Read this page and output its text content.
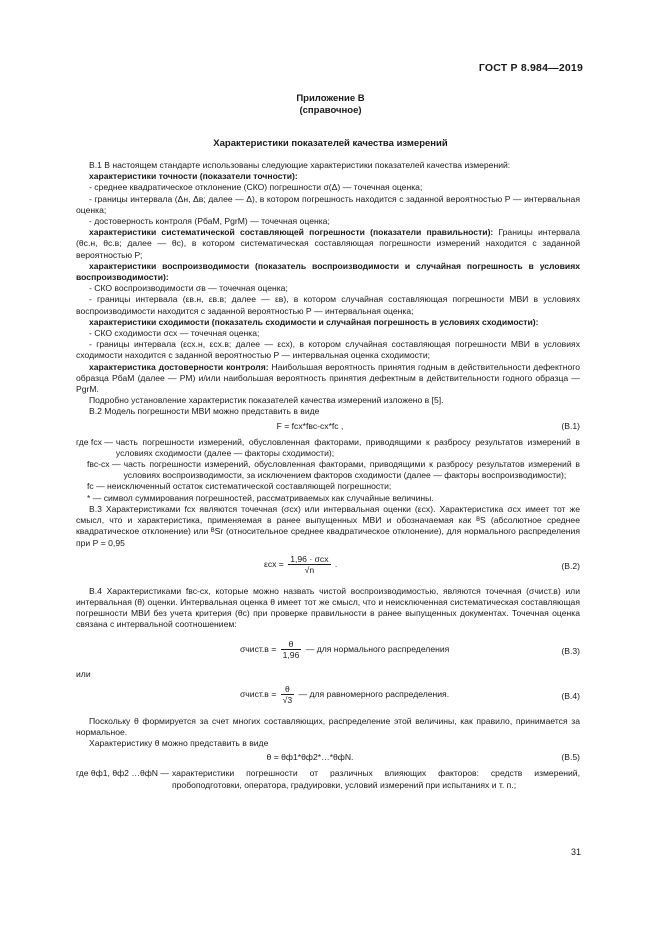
ГОСТ Р 8.984—2019
Приложение В
(справочное)
Характеристики показателей качества измерений

В.1 В настоящем стандарте использованы следующие характеристики показателей качества измерений:

характеристики точности (показатели точности):

- среднее квадратическое отклонение (СКО) погрешности σ(Δ) — точечная оценка;

- границы интервала (Δн, Δв; далее — Δ), в котором погрешность находится с заданной вероятностью Р — интервальная оценка;

- достоверность контроля (РбаМ, РgrM) — точечная оценка;

характеристики систематической составляющей погрешности (показатели правильности): Границы интервала (θс.н, θс.в; далее — θс), в котором систематическая составляющая погрешности измерений находится с заданной вероятностью Р;

характеристики воспроизводимости (показатель воспроизводимости и случайная погрешность в условиях воспроизводимости):

- СКО воспроизводимости σв — точечная оценка;

- границы интервала (εв.н, εв.в; далее — εв), в котором случайная составляющая погрешности МВИ в условиях воспроизводимости находится с заданной вероятностью Р — интервальная оценка;

характеристики сходимости (показатель сходимости и случайная погрешность в условиях сходимости):

- СКО сходимости σсх — точечная оценка;

- границы интервала (εсх.н, εсх.в; далее — εсх), в котором случайная составляющая погрешности МВИ в условиях сходимости находится с заданной вероятностью Р — интервальная оценка сходимости;

характеристика достоверности контроля: Наибольшая вероятность принятия годным в действительности дефектного образца РбаМ (далее — РМ) и/или наибольшая вероятность принятия дефектным в действительности годного образца — РgrM.

Подробно установление характеристик показателей качества измерений изложено в [5].

В.2 Модель погрешности МВИ можно представить в виде

F = fсх*fвс-сх*fс ,	(В.1)
где fсх — часть погрешности измерений, обусловленная факторами, приводящими к разбросу результатов измерений в условиях сходимости (далее — факторы сходимости);
fвс-сх — часть погрешности измерений, обусловленная факторами, приводящими к разбросу результатов измерений в условиях воспроизводимости, за исключением факторов сходимости (далее — факторы воспроизводимости);

fс — неисключенный остаток систематической составляющей погрешности;

* — символ суммирования погрешностей, рассматриваемых как случайные величины.

В.3 Характеристиками fсх являются точечная (σсх) или интервальная оценки (εсх). Характеристика σсх имеет тот же смысл, что и характеристика, применяемая в ранее выпущенных МВИ и обозначаемая как ᴮS (абсолютное среднее квадратическое отклонение) или ᴮSr (относительное среднее квадратическое отклонение), для нормального распределения при Р = 0,95

$\varepsilon сх = \frac{\text{1,96 · σсх}}{√n}$ .	(В.2)

В.4 Характеристиками fвс-сх, которые можно назвать чистой воспроизводимостью, являются точечная (σчист.в) или интервальная (θ) оценки. Интервальная оценка θ имеет тот же смысл, что и неисключенная систематическая составляющая погрешности МВИ без учета критерия (θс) при проверке правильности в ранее выпущенных документах. Точечная оценка связана с интервальной соотношением:

σчист.в = $\frac{\theta}{1,96}$ — для нормального распределения	(В.3)

или

σчист.в = $\frac{\theta}{√3}$ — для равномерного распределения.	(В.4)

Поскольку θ формируется за счет многих составляющих, распределение этой величины, как правило, принимается за нормальное.

Характеристику θ можно представить в виде

θ = θф1*θф2*…*θфN.	(В.5)
где θф1, θф2 …θфN — характеристики погрешности от различных влияющих факторов: средств измерений, пробоподготовки, оператора, градуировки, условий измерений при испытаниях и т. п.;
31
